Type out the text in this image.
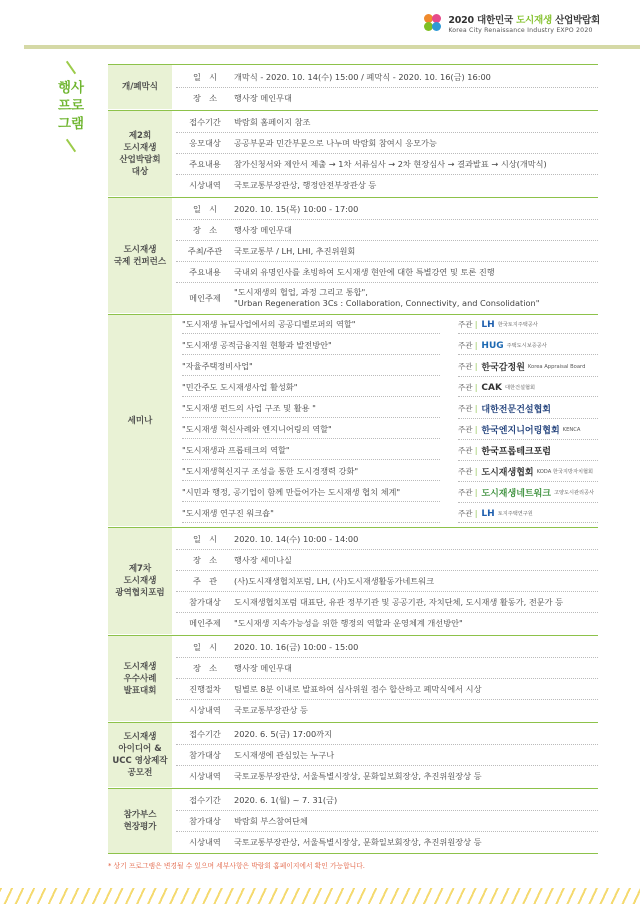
2020 대한민국 도시재생 산업박람회
Korea City Renaissance Industry EXPO 2020
행사
프로
그램
개/폐막식
일　시	개막식 - 2020. 10. 14(수) 15:00 / 폐막식 - 2020. 10. 16(금) 16:00
장　소	행사장 메인무대
제2회
도시재생
산업박람회
대상
접수기간	박람회 홈페이지 참조
응모대상	공공부문과 민간부문으로 나누며 박람회 참여시 응모가능
주요내용	참가신청서와 제안서 제출 → 1차 서류심사 → 2차 현장심사 → 결과발표 → 시상(개막식)
시상내역	국토교통부장관상, 행정안전부장관상 등
도시재생
국제 컨퍼런스
일　시	2020. 10. 15(목) 10:00 - 17:00
장　소	행사장 메인무대
주최/주관	국토교통부 / LH, LHI, 추진위원회
주요내용	국내외 유명인사를 초빙하여 도시재생 현안에 대한 특별강연 및 토론 진행
메인주제
"도시재생의 협업, 과정 그리고 통합",
"Urban Regeneration 3Cs : Collaboration, Connectivity, and Consolidation"
세미나
"도시재생 뉴딜사업에서의 공공디벨로퍼의 역할"	주관 | LH 한국토지주택공사
"도시재생 공적금융지원 현황과 발전방안"	주관 | HUG 주택도시보증공사
"자율주택정비사업"	주관 | 한국감정원 Korea Appraisal Board
"민간주도 도시재생사업 활성화"	주관 | CAK 대한건설협회
"도시재생 펀드의 사업 구조 및 활용 "	주관 | 대한전문건설협회
"도시재생 혁신사례와 엔지니어링의 역할"	주관 | 한국엔지니어링협회 KENCA
"도시재생과 프롭테크의 역할"	주관 | 한국프롭테크포럼
"도시재생혁신지구 조성을 통한 도시경쟁력 강화"	주관 | 도시재생협회 KODA 한국지방자치협회
"시민과 행정, 공기업이 함께 만들어가는 도시재생 협치 체계"	주관 | 도시재생네트워크 고양도시관리공사
"도시재생 연구진 워크숍"	주관 | LH 토지주택연구원
제7차
도시재생
광역협치포럼
일　시	2020. 10. 14(수) 10:00 - 14:00
장　소	행사장 세미나실
주　관	(사)도시재생협치포럼, LH, (사)도시재생활동가네트워크
참가대상	도시재생협치포럼 대표단, 유관 정부기관 및 공공기관, 자치단체, 도시재생 활동가, 전문가 등
메인주제	"도시재생 지속가능성을 위한 행정의 역할과 운영체계 개선방안"
도시재생
우수사례
발표대회
일　시	2020. 10. 16(금) 10:00 - 15:00
장　소	행사장 메인무대
진행절차	팀별로 8분 이내로 발표하여 심사위원 점수 합산하고 폐막식에서 시상
시상내역	국토교통부장관상 등
도시재생
아이디어 &
UCC 영상제작
공모전
접수기간	2020. 6. 5(금) 17:00까지
참가대상	도시재생에 관심있는 누구나
시상내역	국토교통부장관상, 서울특별시장상, 문화일보회장상, 추진위원장상 등
참가부스
현장평가
접수기간	2020. 6. 1(월) ~ 7. 31(금)
참가대상	박람회 부스참여단체
시상내역	국토교통부장관상, 서울특별시장상, 문화일보회장상, 추진위원장상 등
* 상기 프로그램은 변경될 수 있으며 세부사항은 박람회 홈페이지에서 확인 가능합니다.
